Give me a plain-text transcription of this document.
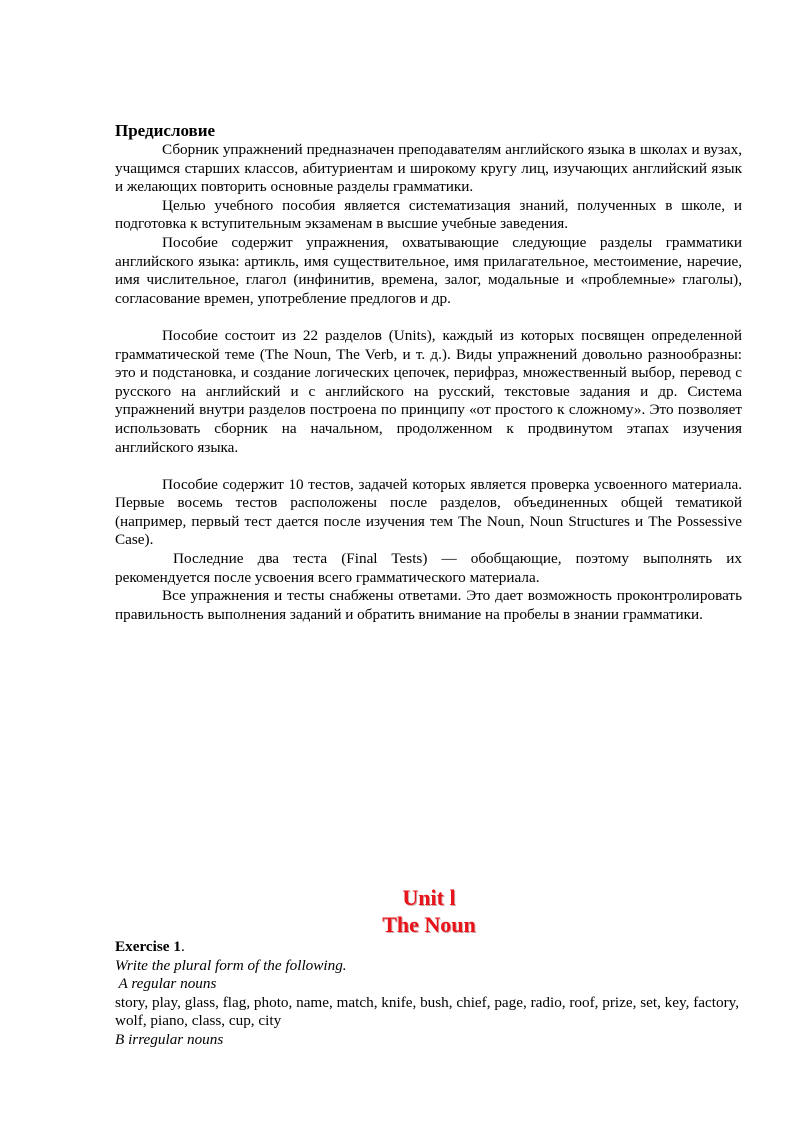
Предисловие

Сборник упражнений предназначен преподавателям английского языка в школах и вузах, учащимся старших классов, абитуриентам и широкому кругу лиц, изучающих английский язык и желающих повторить основные разделы грамматики.

Целью учебного пособия является систематизация знаний, полученных в школе, и подготовка к вступительным экзаменам в высшие учебные заведения.

Пособие содержит упражнения, охватывающие следующие разделы грамматики английского языка: артикль, имя существительное, имя прилагательное, местоимение, наречие, имя числительное, глагол (инфинитив, времена, залог, модальные и «проблемные» глаголы), согласование времен, употребление предлогов и др.

Пособие состоит из 22 разделов (Units), каждый из которых посвящен определенной грамматической теме (The Noun, The Verb, и т. д.). Виды упражнений довольно разнообразны: это и подстановка, и создание логических цепочек, перифраз, множественный выбор, перевод с русского на английский и с английского на русский, текстовые задания и др. Система упражнений внутри разделов построена по принципу «от простого к сложному». Это позволяет использовать сборник на начальном, продолженном к продвинутом этапах изучения английского языка.

Пособие содержит 10 тестов, задачей которых является проверка усвоенного материала. Первые восемь тестов расположены после разделов, объединенных общей тематикой (например, первый тест дается после изучения тем The Noun, Noun Structures и The Possessive Case).

Последние два теста (Final Tests) — обобщающие, поэтому выполнять их рекомендуется после усвоения всего грамматического материала.

Все упражнения и тесты снабжены ответами. Это дает возможность проконтролировать правильность выполнения заданий и обратить внимание на пробелы в знании грамматики.

Unit l
The Noun

Exercise 1.

Write the plural form of the following.

A regular nouns

story, play, glass, flag, photo, name, match, knife, bush, chief, page, radio, roof, prize, set, key, factory, wolf, piano, class, cup, city

B irregular nouns
